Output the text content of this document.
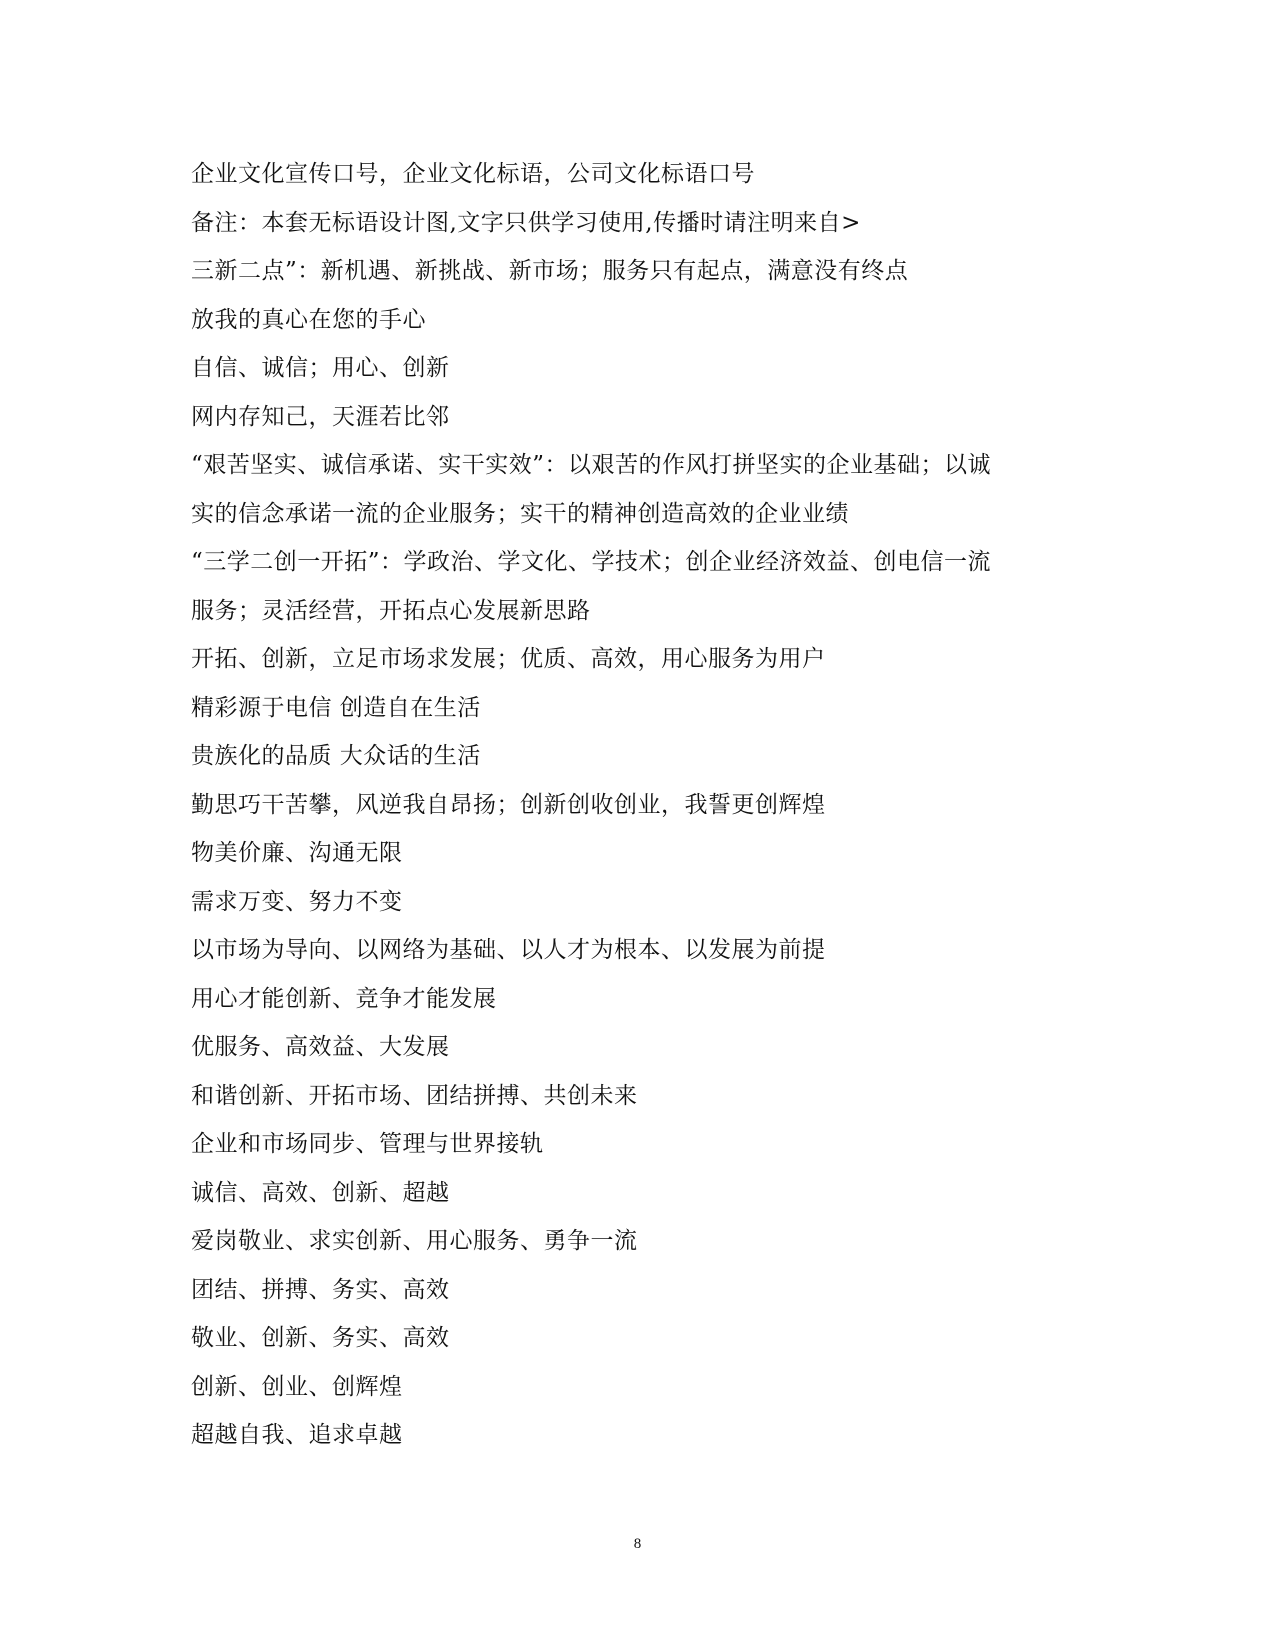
企业文化宣传口号，企业文化标语，公司文化标语口号
备注：本套无标语设计图,文字只供学习使用,传播时请注明来自>
三新二点”：新机遇、新挑战、新市场；服务只有起点，满意没有终点
放我的真心在您的手心
自信、诚信；用心、创新
网内存知己，天涯若比邻
“艰苦坚实、诚信承诺、实干实效”：以艰苦的作风打拼坚实的企业基础；以诚
实的信念承诺一流的企业服务；实干的精神创造高效的企业业绩
“三学二创一开拓”：学政治、学文化、学技术；创企业经济效益、创电信一流
服务；灵活经营，开拓点心发展新思路
开拓、创新，立足市场求发展；优质、高效，用心服务为用户
精彩源于电信 创造自在生活
贵族化的品质 大众话的生活
勤思巧干苦攀，风逆我自昂扬；创新创收创业，我誓更创辉煌
物美价廉、沟通无限
需求万变、努力不变
以市场为导向、以网络为基础、以人才为根本、以发展为前提
用心才能创新、竞争才能发展
优服务、高效益、大发展
和谐创新、开拓市场、团结拼搏、共创未来
企业和市场同步、管理与世界接轨
诚信、高效、创新、超越
爱岗敬业、求实创新、用心服务、勇争一流
团结、拼搏、务实、高效
敬业、创新、务实、高效
创新、创业、创辉煌
超越自我、追求卓越
8
